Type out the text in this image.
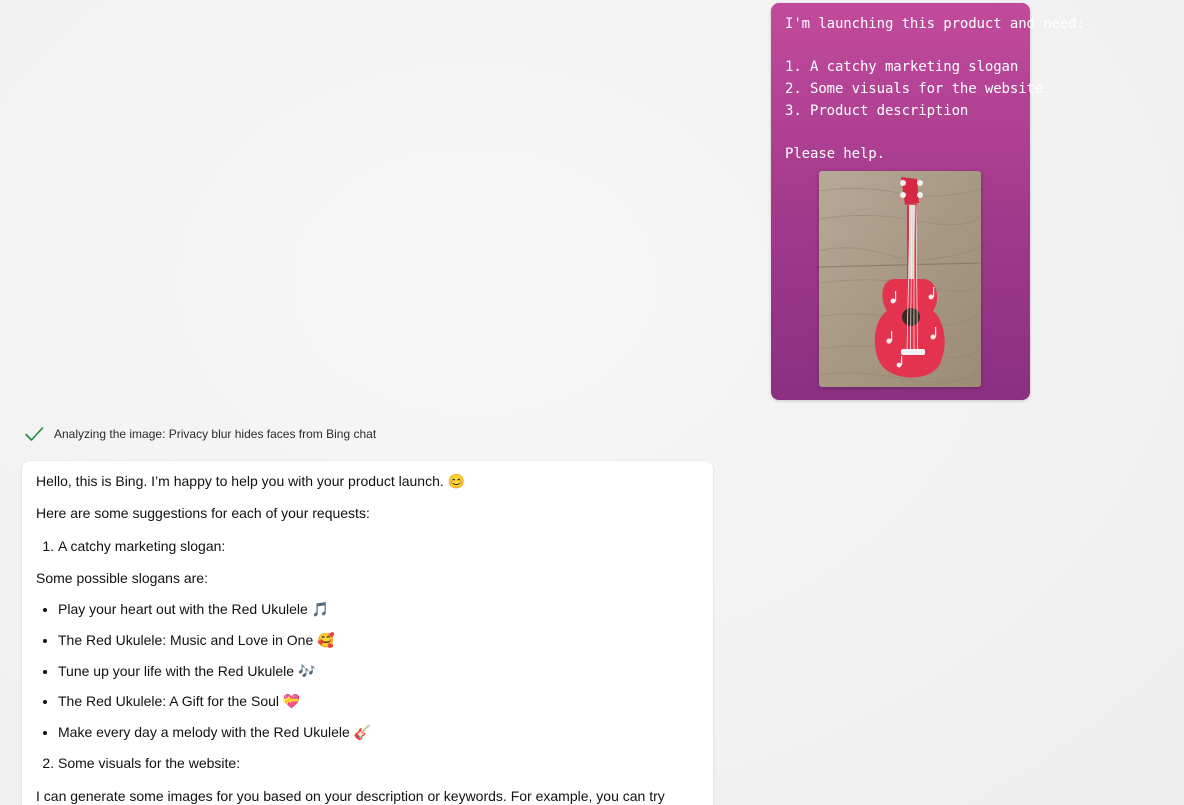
I'm launching this product and need:

1. A catchy marketing slogan
2. Some visuals for the website
3. Product description

Please help.
Analyzing the image: Privacy blur hides faces from Bing chat

Hello, this is Bing. I’m happy to help you with your product launch. 😊

Here are some suggestions for each of your requests:

1. A catchy marketing slogan:

Some possible slogans are:

• Play your heart out with the Red Ukulele 🎵
• The Red Ukulele: Music and Love in One 🥰
• Tune up your life with the Red Ukulele 🎶
• The Red Ukulele: A Gift for the Soul 💝
• Make every day a melody with the Red Ukulele 🎸
2. Some visuals for the website:

I can generate some images for you based on your description or keywords. For example, you can try
